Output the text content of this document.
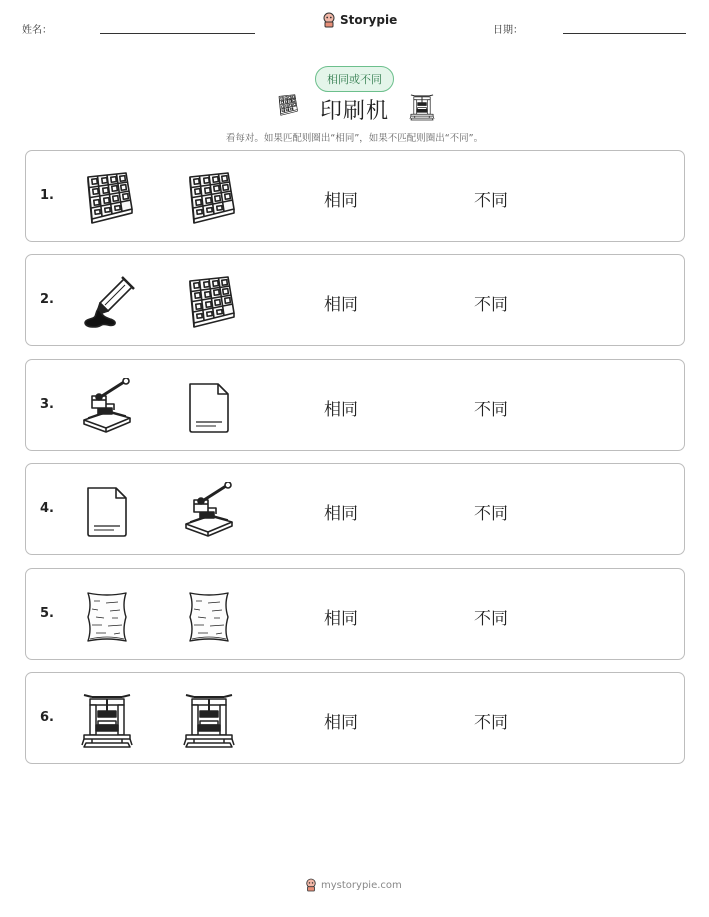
姓名：
Storypie
日期：
相同或不同
印刷机
看每对。如果匹配则圈出“相同”，如果不匹配则圈出“不同”。
1.	相同	不同
2.	相同	不同
3.	相同	不同
4.	相同	不同
5.	相同	不同
6.	相同	不同
mystorypie.com
